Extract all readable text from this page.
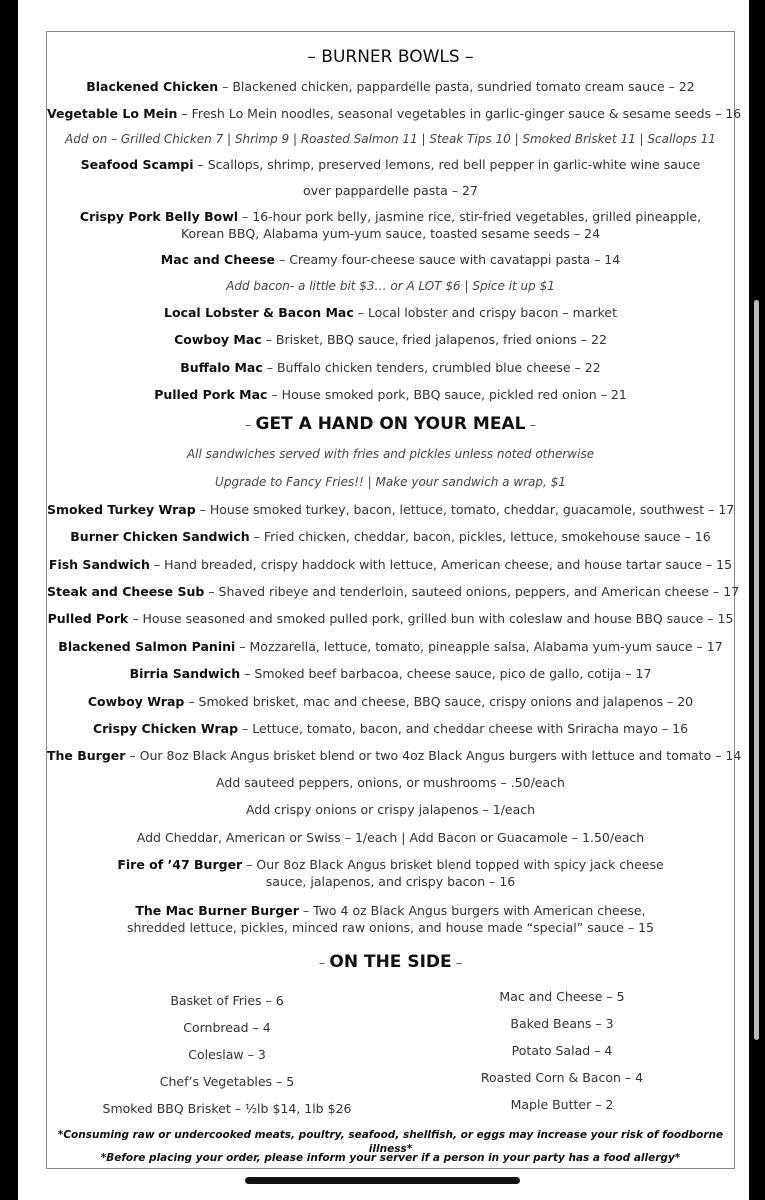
– BURNER BOWLS –
Blackened Chicken – Blackened chicken, pappardelle pasta, sundried tomato cream sauce – 22
Vegetable Lo Mein – Fresh Lo Mein noodles, seasonal vegetables in garlic-ginger sauce & sesame seeds – 16
Add on – Grilled Chicken 7 | Shrimp 9 | Roasted Salmon 11 | Steak Tips 10 | Smoked Brisket 11 | Scallops 11
Seafood Scampi – Scallops, shrimp, preserved lemons, red bell pepper in garlic-white wine sauce
over pappardelle pasta – 27
Crispy Pork Belly Bowl – 16-hour pork belly, jasmine rice, stir-fried vegetables, grilled pineapple, Korean BBQ, Alabama yum-yum sauce, toasted sesame seeds – 24
Mac and Cheese – Creamy four-cheese sauce with cavatappi pasta – 14
Add bacon- a little bit $3… or A LOT $6 | Spice it up $1
Local Lobster & Bacon Mac – Local lobster and crispy bacon – market
Cowboy Mac – Brisket, BBQ sauce, fried jalapenos, fried onions – 22
Buffalo Mac – Buffalo chicken tenders, crumbled blue cheese – 22
Pulled Pork Mac – House smoked pork, BBQ sauce, pickled red onion – 21
– GET A HAND ON YOUR MEAL –
All sandwiches served with fries and pickles unless noted otherwise
Upgrade to Fancy Fries!! | Make your sandwich a wrap, $1
Smoked Turkey Wrap – House smoked turkey, bacon, lettuce, tomato, cheddar, guacamole, southwest – 17
Burner Chicken Sandwich – Fried chicken, cheddar, bacon, pickles, lettuce, smokehouse sauce – 16
Fish Sandwich – Hand breaded, crispy haddock with lettuce, American cheese, and house tartar sauce – 15
Steak and Cheese Sub – Shaved ribeye and tenderloin, sauteed onions, peppers, and American cheese – 17
Pulled Pork – House seasoned and smoked pulled pork, grilled bun with coleslaw and house BBQ sauce – 15
Blackened Salmon Panini – Mozzarella, lettuce, tomato, pineapple salsa, Alabama yum-yum sauce – 17
Birria Sandwich – Smoked beef barbacoa, cheese sauce, pico de gallo, cotija – 17
Cowboy Wrap – Smoked brisket, mac and cheese, BBQ sauce, crispy onions and jalapenos – 20
Crispy Chicken Wrap – Lettuce, tomato, bacon, and cheddar cheese with Sriracha mayo – 16
The Burger – Our 8oz Black Angus brisket blend or two 4oz Black Angus burgers with lettuce and tomato – 14
Add sauteed peppers, onions, or mushrooms – .50/each
Add crispy onions or crispy jalapenos – 1/each
Add Cheddar, American or Swiss – 1/each | Add Bacon or Guacamole – 1.50/each
Fire of ’47 Burger – Our 8oz Black Angus brisket blend topped with spicy jack cheese sauce, jalapenos, and crispy bacon – 16
The Mac Burner Burger – Two 4 oz Black Angus burgers with American cheese, shredded lettuce, pickles, minced raw onions, and house made “special” sauce – 15
– ON THE SIDE –
Basket of Fries – 6
Cornbread – 4
Coleslaw – 3
Chef’s Vegetables – 5
Smoked BBQ Brisket – ½lb $14, 1lb $26
Mac and Cheese – 5
Baked Beans – 3
Potato Salad – 4
Roasted Corn & Bacon – 4
Maple Butter – 2
*Consuming raw or undercooked meats, poultry, seafood, shellfish, or eggs may increase your risk of foodborne illness*
*Before placing your order, please inform your server if a person in your party has a food allergy*
